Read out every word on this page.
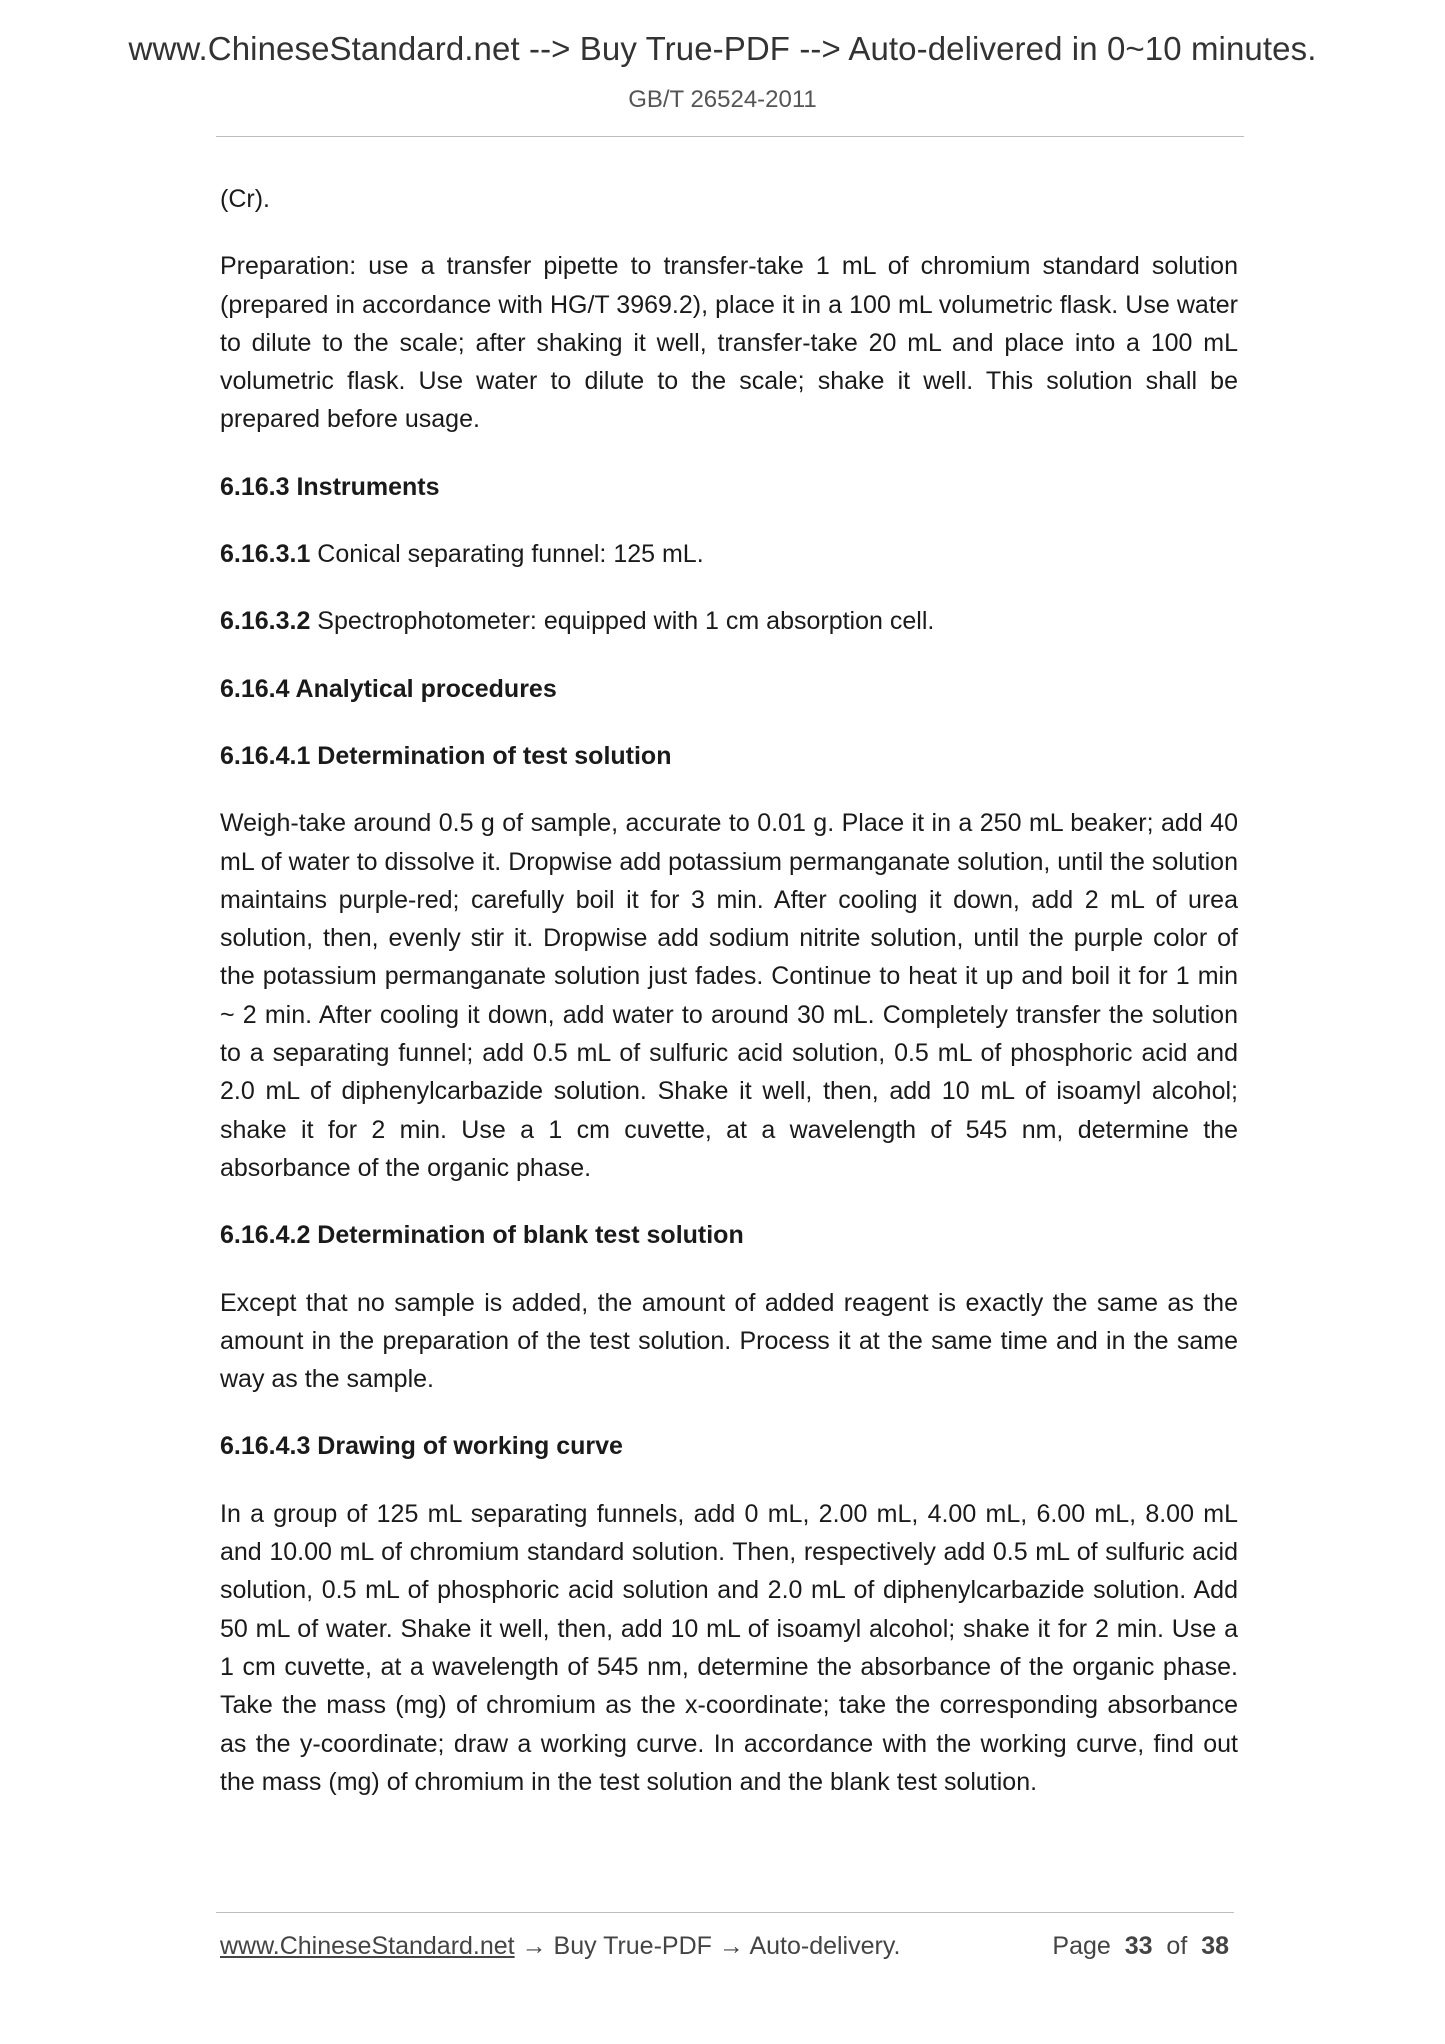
www.ChineseStandard.net --> Buy True-PDF --> Auto-delivered in 0~10 minutes.
GB/T 26524-2011

(Cr).

Preparation: use a transfer pipette to transfer-take 1 mL of chromium standard solution (prepared in accordance with HG/T 3969.2), place it in a 100 mL volumetric flask. Use water to dilute to the scale; after shaking it well, transfer-take 20 mL and place into a 100 mL volumetric flask. Use water to dilute to the scale; shake it well. This solution shall be prepared before usage.

6.16.3 Instruments

6.16.3.1 Conical separating funnel: 125 mL.

6.16.3.2 Spectrophotometer: equipped with 1 cm absorption cell.

6.16.4 Analytical procedures

6.16.4.1 Determination of test solution

Weigh-take around 0.5 g of sample, accurate to 0.01 g. Place it in a 250 mL beaker; add 40 mL of water to dissolve it. Dropwise add potassium permanganate solution, until the solution maintains purple-red; carefully boil it for 3 min. After cooling it down, add 2 mL of urea solution, then, evenly stir it. Dropwise add sodium nitrite solution, until the purple color of the potassium permanganate solution just fades. Continue to heat it up and boil it for 1 min ~ 2 min. After cooling it down, add water to around 30 mL. Completely transfer the solution to a separating funnel; add 0.5 mL of sulfuric acid solution, 0.5 mL of phosphoric acid and 2.0 mL of diphenylcarbazide solution. Shake it well, then, add 10 mL of isoamyl alcohol; shake it for 2 min. Use a 1 cm cuvette, at a wavelength of 545 nm, determine the absorbance of the organic phase.

6.16.4.2 Determination of blank test solution

Except that no sample is added, the amount of added reagent is exactly the same as the amount in the preparation of the test solution. Process it at the same time and in the same way as the sample.

6.16.4.3 Drawing of working curve

In a group of 125 mL separating funnels, add 0 mL, 2.00 mL, 4.00 mL, 6.00 mL, 8.00 mL and 10.00 mL of chromium standard solution. Then, respectively add 0.5 mL of sulfuric acid solution, 0.5 mL of phosphoric acid solution and 2.0 mL of diphenylcarbazide solution. Add 50 mL of water. Shake it well, then, add 10 mL of isoamyl alcohol; shake it for 2 min. Use a 1 cm cuvette, at a wavelength of 545 nm, determine the absorbance of the organic phase. Take the mass (mg) of chromium as the x-coordinate; take the corresponding absorbance as the y-coordinate; draw a working curve. In accordance with the working curve, find out the mass (mg) of chromium in the test solution and the blank test solution.

www.ChineseStandard.net → Buy True-PDF → Auto-delivery.	Page 33 of 38
